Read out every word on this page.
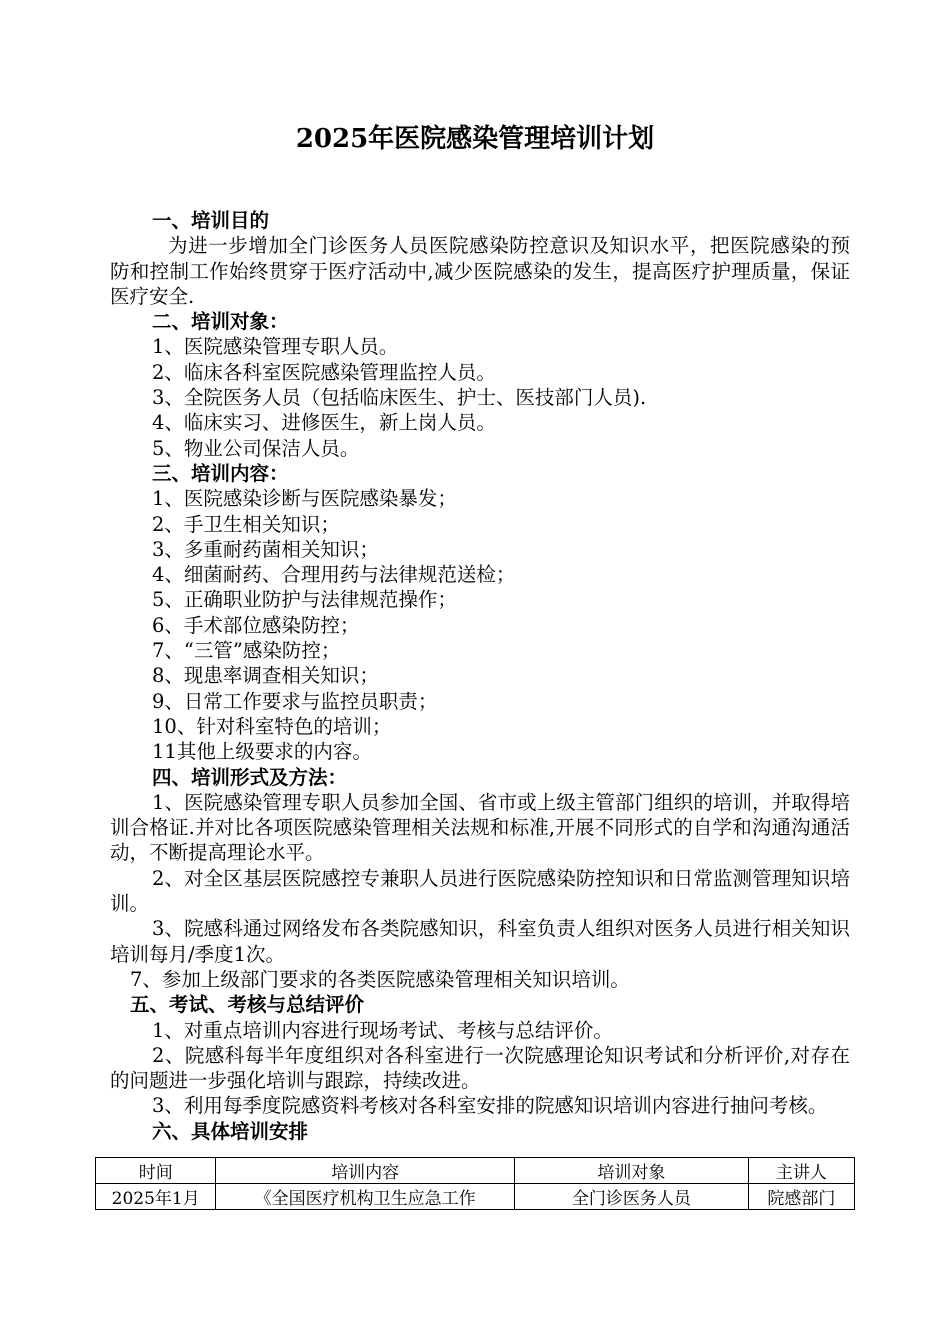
2025年医院感染管理培训计划

一、培训目的

为进一步增加全门诊医务人员医院感染防控意识及知识水平，把医院感染的预防和控制工作始终贯穿于医疗活动中,减少医院感染的发生，提高医疗护理质量，保证医疗安全.

二、培训对象：

1、医院感染管理专职人员。

2、临床各科室医院感染管理监控人员。

3、全院医务人员（包括临床医生、护士、医技部门人员).

4、临床实习、进修医生，新上岗人员。

5、物业公司保洁人员。

三、培训内容：

1、医院感染诊断与医院感染暴发；

2、手卫生相关知识；

3、多重耐药菌相关知识；

4、细菌耐药、合理用药与法律规范送检；

5、正确职业防护与法律规范操作；

6、手术部位感染防控；

7、“三管”感染防控；

8、现患率调查相关知识；

9、日常工作要求与监控员职责；

10、针对科室特色的培训；

11其他上级要求的内容。

四、培训形式及方法：

1、医院感染管理专职人员参加全国、省市或上级主管部门组织的培训，并取得培训合格证.并对比各项医院感染管理相关法规和标准,开展不同形式的自学和沟通沟通活动，不断提高理论水平。

2、对全区基层医院感控专兼职人员进行医院感染防控知识和日常监测管理知识培训。

3、院感科通过网络发布各类院感知识，科室负责人组织对医务人员进行相关知识培训每月/季度1次。

7、参加上级部门要求的各类医院感染管理相关知识培训。

五、考试、考核与总结评价

1、对重点培训内容进行现场考试、考核与总结评价。

2、院感科每半年度组织对各科室进行一次院感理论知识考试和分析评价,对存在的问题进一步强化培训与跟踪，持续改进。

3、利用每季度院感资料考核对各科室安排的院感知识培训内容进行抽问考核。

六、具体培训安排

时间	培训内容	培训对象	主讲人
2025年1月	《全国医疗机构卫生应急工作	全门诊医务人员	院感部门
